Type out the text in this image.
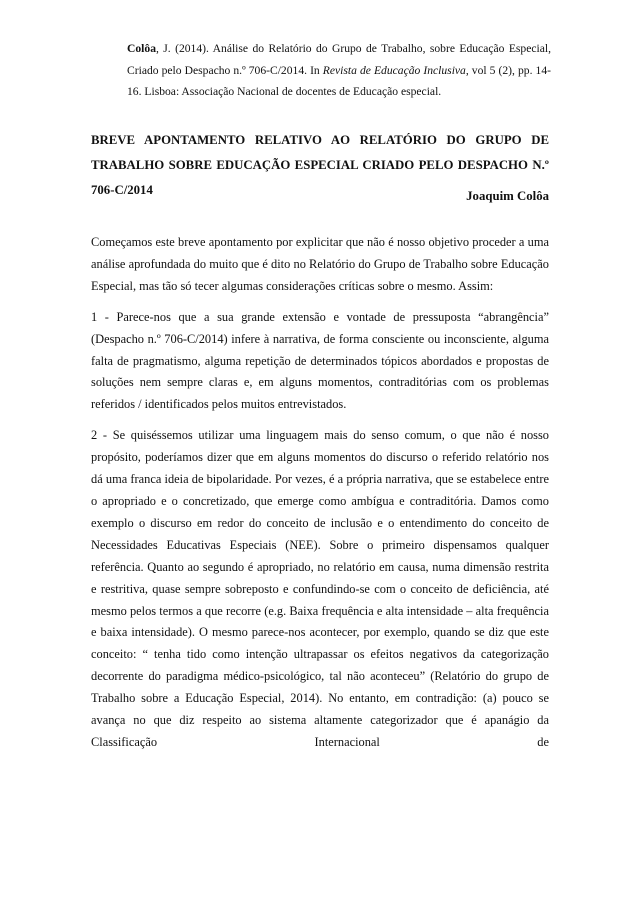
Colôa, J. (2014). Análise do Relatório do Grupo de Trabalho, sobre Educação Especial, Criado pelo Despacho n.º 706-C/2014. In Revista de Educação Inclusiva, vol 5 (2), pp. 14-16. Lisboa: Associação Nacional de docentes de Educação especial.

BREVE APONTAMENTO RELATIVO AO RELATÓRIO DO GRUPO DE TRABALHO SOBRE EDUCAÇÃO ESPECIAL CRIADO PELO DESPACHO N.º 706-C/2014	Joaquim Colôa

Começamos este breve apontamento por explicitar que não é nosso objetivo proceder a uma análise aprofundada do muito que é dito no Relatório do Grupo de Trabalho sobre Educação Especial, mas tão só tecer algumas considerações críticas sobre o mesmo. Assim:

1 - Parece-nos que a sua grande extensão e vontade de pressuposta “abrangência” (Despacho n.º 706-C/2014) infere à narrativa, de forma consciente ou inconsciente, alguma falta de pragmatismo, alguma repetição de determinados tópicos abordados e propostas de soluções nem sempre claras e, em alguns momentos, contraditórias com os problemas referidos / identificados pelos muitos entrevistados.

2 - Se quiséssemos utilizar uma linguagem mais do senso comum, o que não é nosso propósito, poderíamos dizer que em alguns momentos do discurso o referido relatório nos dá uma franca ideia de bipolaridade. Por vezes, é a própria narrativa, que se estabelece entre o apropriado e o concretizado, que emerge como ambígua e contraditória. Damos como exemplo o discurso em redor do conceito de inclusão e o entendimento do conceito de Necessidades Educativas Especiais (NEE). Sobre o primeiro dispensamos qualquer referência. Quanto ao segundo é apropriado, no relatório em causa, numa dimensão restrita e restritiva, quase sempre sobreposto e confundindo-se com o conceito de deficiência, até mesmo pelos termos a que recorre (e.g. Baixa frequência e alta intensidade – alta frequência e baixa intensidade). O mesmo parece-nos acontecer, por exemplo, quando se diz que este conceito: “ tenha tido como intenção ultrapassar os efeitos negativos da categorização decorrente do paradigma médico-psicológico, tal não aconteceu” (Relatório do grupo de Trabalho sobre a Educação Especial, 2014). No entanto, em contradição: (a) pouco se avança no que diz respeito ao sistema altamente categorizador que é apanágio da Classificação Internacional de
